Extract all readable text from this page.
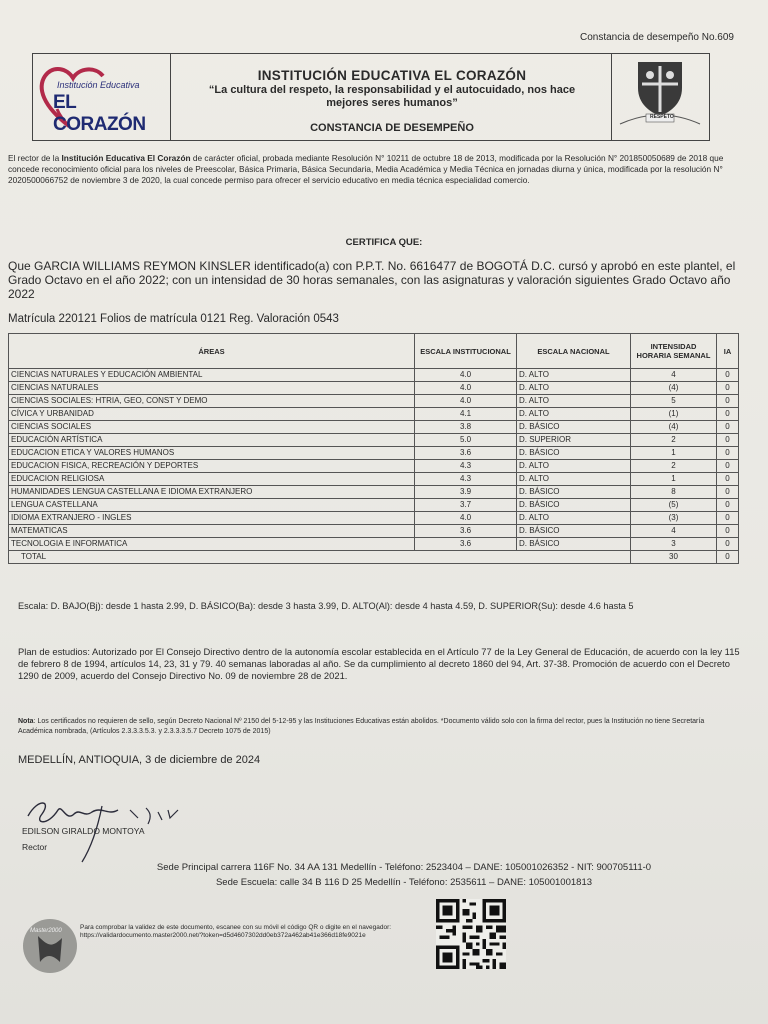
Constancia de desempeño No.609
Institución Educativa
EL CORAZÓN
INSTITUCIÓN EDUCATIVA EL CORAZÓN
“La cultura del respeto, la responsabilidad y el autocuidado, nos hace mejores seres humanos”
CONSTANCIA DE DESEMPEÑO
RESPETO
El rector de la Institución Educativa El Corazón de carácter oficial, probada mediante Resolución N° 10211 de octubre 18 de 2013, modificada por la Resolución N° 201850050689 de 2018 que concede reconocimiento oficial para los niveles de Preescolar, Básica Primaria, Básica Secundaria, Media Académica y Media Técnica en jornadas diurna y única, modificada por la resolución N° 2020500066752 de noviembre 3 de 2020, la cual concede permiso para ofrecer el servicio educativo en media técnica especialidad comercio.
CERTIFICA QUE:
Que GARCIA WILLIAMS REYMON KINSLER identificado(a) con P.P.T. No. 6616477 de BOGOTÁ D.C. cursó y aprobó en este plantel, el Grado Octavo en el año 2022; con un intensidad de 30 horas semanales, con las asignaturas y valoración siguientes Grado Octavo año 2022
Matrícula 220121 Folios de matrícula 0121 Reg. Valoración 0543
ÁREAS	ESCALA INSTITUCIONAL	ESCALA NACIONAL	INTENSIDAD HORARIA SEMANAL	IA
CIENCIAS NATURALES Y EDUCACIÓN AMBIENTAL	4.0	D. ALTO	4	0
CIENCIAS NATURALES	4.0	D. ALTO	(4)	0
CIENCIAS SOCIALES: HTRIA, GEO, CONST Y DEMO	4.0	D. ALTO	5	0
CÍVICA Y URBANIDAD	4.1	D. ALTO	(1)	0
CIENCIAS SOCIALES	3.8	D. BÁSICO	(4)	0
EDUCACIÓN ARTÍSTICA	5.0	D. SUPERIOR	2	0
EDUCACION ETICA Y VALORES HUMANOS	3.6	D. BÁSICO	1	0
EDUCACION FISICA, RECREACIÓN Y DEPORTES	4.3	D. ALTO	2	0
EDUCACION RELIGIOSA	4.3	D. ALTO	1	0
HUMANIDADES LENGUA CASTELLANA E IDIOMA EXTRANJERO	3.9	D. BÁSICO	8	0
LENGUA CASTELLANA	3.7	D. BÁSICO	(5)	0
IDIOMA EXTRANJERO - INGLES	4.0	D. ALTO	(3)	0
MATEMATICAS	3.6	D. BÁSICO	4	0
TECNOLOGIA E INFORMATICA	3.6	D. BÁSICO	3	0
TOTAL			30	0
Escala: D. BAJO(Bj): desde 1 hasta 2.99, D. BÁSICO(Ba): desde 3 hasta 3.99, D. ALTO(Al): desde 4 hasta 4.59, D. SUPERIOR(Su): desde 4.6 hasta 5
Plan de estudios: Autorizado por El Consejo Directivo dentro de la autonomía escolar establecida en el Artículo 77 de la Ley General de Educación, de acuerdo con la ley 115 de febrero 8 de 1994, artículos 14, 23, 31 y 79. 40 semanas laboradas al año. Se da cumplimiento al decreto 1860 del 94, Art. 37-38. Promoción de acuerdo con el Decreto 1290 de 2009, acuerdo del Consejo Directivo No. 09 de noviembre 28 de 2021.
Nota: Los certificados no requieren de sello, según Decreto Nacional Nº 2150 del 5-12-95 y las Instituciones Educativas están abolidos. *Documento válido solo con la firma del rector, pues la Institución no tiene Secretaría Académica nombrada, (Artículos 2.3.3.3.5.3. y 2.3.3.3.5.7 Decreto 1075 de 2015)
MEDELLÍN, ANTIOQUIA, 3 de diciembre de 2024
EDILSON GIRALDO MONTOYA
Rector
Sede Principal carrera 116F No. 34 AA 131 Medellín - Teléfono: 2523404 – DANE: 105001026352 - NIT: 900705111-0
Sede Escuela: calle 34 B 116 D 25 Medellín - Teléfono: 2535611 – DANE: 105001001813
Master2000	Para comprobar la validez de este documento, escanee con su móvil el código QR o digite en el navegador:
https://validardocumento.master2000.net/?token=d5d4607302dd0eb372a462ab41e366d18fe9021e
